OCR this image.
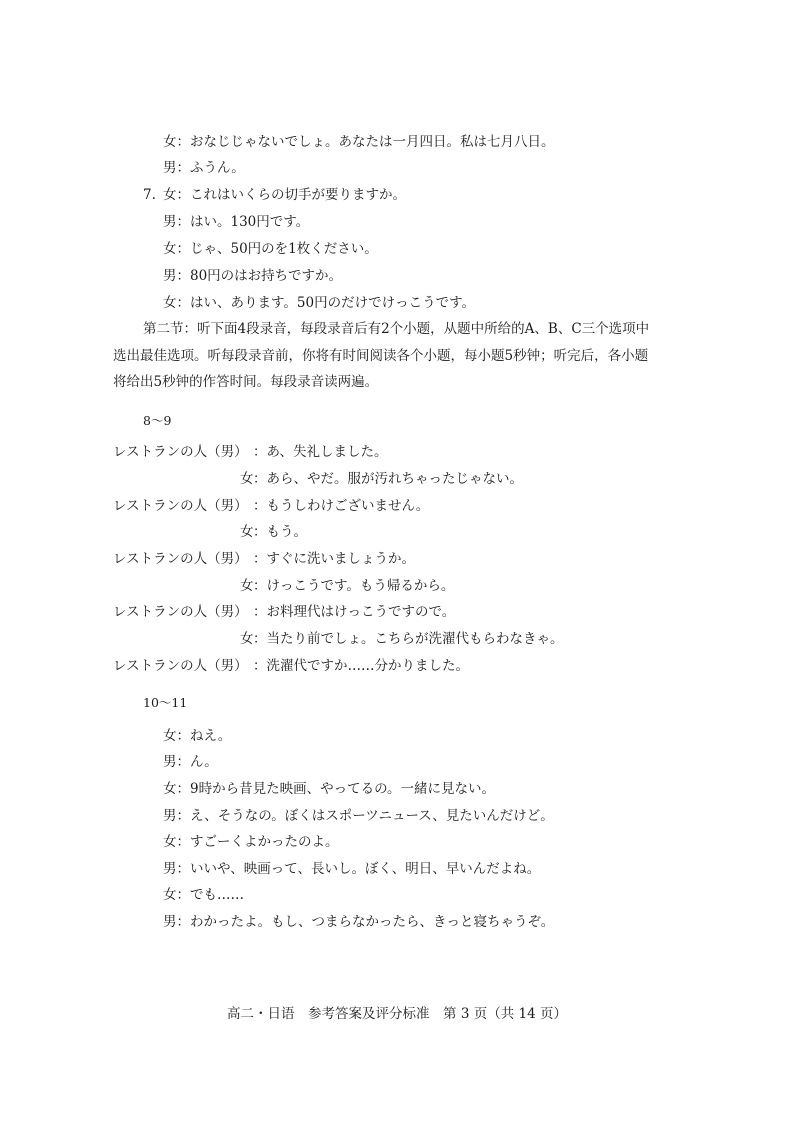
女：おなじじゃないでしょ。あなたは一月四日。私は七月八日。
男：ふうん。
7. 女：これはいくらの切手が要りますか。
男：はい。130円です。
女：じゃ、50円のを1枚ください。
男：80円のはお持ちですか。
女：はい、あります。50円のだけでけっこうです。
第二节：听下面4段录音，每段录音后有2个小题，从题中所给的A、B、C三个选项中
选出最佳选项。听每段录音前，你将有时间阅读各个小题，每小题5秒钟；听完后，各小题
将给出5秒钟的作答时间。每段录音读两遍。
8～9
レストランの人（男） ：あ、失礼しました。
女 ：あら、やだ。服が汚れちゃったじゃない。
レストランの人（男） ：もうしわけございません。
女 ：もう。
レストランの人（男） ：すぐに洗いましょうか。
女 ：けっこうです。もう帰るから。
レストランの人（男） ：お料理代はけっこうですので。
女 ：当たり前でしょ。こちらが洗濯代もらわなきゃ。
レストランの人（男） ：洗濯代ですか……分かりました。
10～11
女：ねえ。
男：ん。
女：9時から昔見た映画、やってるの。一緒に見ない。
男：え、そうなの。ぼくはスポーツニュース、見たいんだけど。
女：すごーくよかったのよ。
男：いいや、映画って、長いし。ぼく、明日、早いんだよね。
女：でも……
男：わかったよ。もし、つまらなかったら、きっと寝ちゃうぞ。
高二・日语　参考答案及评分标准　第 3 页（共 14 页）
